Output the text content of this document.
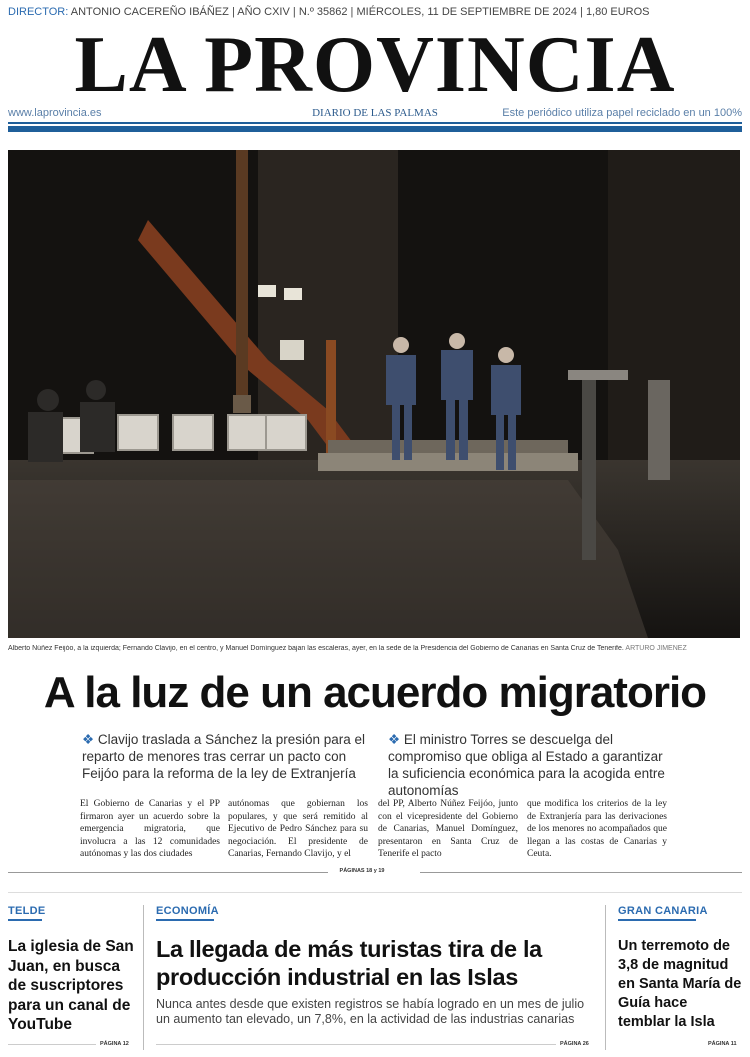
DIRECTOR: ANTONIO CACEREÑO IBÁÑEZ | AÑO CXIV | N.º 35862 | MIÉRCOLES, 11 DE SEPTIEMBRE DE 2024 | 1,80 EUROS
LA PROVINCIA
www.laprovincia.es	DIARIO DE LAS PALMAS	Este periódico utiliza papel reciclado en un 100%
Alberto Núñez Feijóo, a la izquierda; Fernando Clavijo, en el centro, y Manuel Domínguez bajan las escaleras, ayer, en la sede de la Presidencia del Gobierno de Canarias en Santa Cruz de Tenerife. ARTURO JIMÉNEZ
A la luz de un acuerdo migratorio
❖ Clavijo traslada a Sánchez la presión para el reparto de menores tras cerrar un pacto con Feijóo para la reforma de la ley de Extranjería
❖ El ministro Torres se descuelga del compromiso que obliga al Estado a garantizar la suficiencia económica para la acogida entre autonomías
El Gobierno de Canarias y el PP firmaron ayer un acuerdo sobre la emergencia migratoria, que involucra a las 12 comunidades autónomas y las dos ciudades
autónomas que gobiernan los populares, y que será remitido al Ejecutivo de Pedro Sánchez para su negociación. El presidente de Canarias, Fernando Clavijo, y el
del PP, Alberto Núñez Feijóo, junto con el vicepresidente del Gobierno de Canarias, Manuel Domínguez, presentaron en Santa Cruz de Tenerife el pacto
que modifica los criterios de la ley de Extranjería para las derivaciones de los menores no acompañados que llegan a las costas de Canarias y Ceuta.
PÁGINAS 18 y 19
TELDE
La iglesia de San Juan, en busca de suscriptores para un canal de YouTube
PÁGINA 12
ECONOMÍA
La llegada de más turistas tira de la producción industrial en las Islas
Nunca antes desde que existen registros se había logrado en un mes de julio un aumento tan elevado, un 7,8%, en la actividad de las industrias canarias
PÁGINA 26
GRAN CANARIA
Un terremoto de 3,8 de magnitud en Santa María de Guía hace temblar la Isla
PÁGINA 11
